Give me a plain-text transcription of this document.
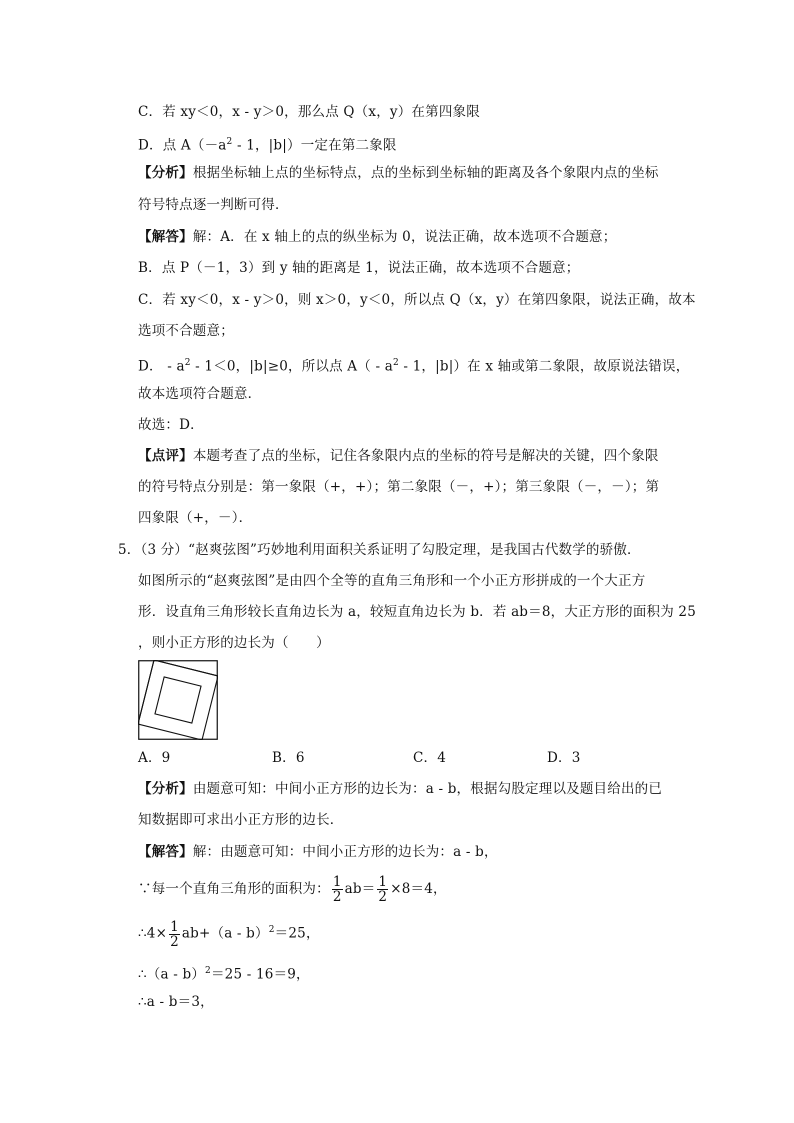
C．若 xy＜0，x - y＞0，那么点 Q（x，y）在第四象限
D．点 $A(-a^2 - 1$，|b|）一定在第二象限
【分析】根据坐标轴上点的坐标特点，点的坐标到坐标轴的距离及各个象限内点的坐标
符号特点逐一判断可得．
【解答】解：A．在 x 轴上的点的纵坐标为 0，说法正确，故本选项不合题意；
B．点 P（－1，3）到 y 轴的距离是 1，说法正确，故本选项不合题意；
C．若 xy＜0，x - y＞0，则 x＞0，y＜0，所以点 Q（x，y）在第四象限，说法正确，故本
选项不合题意；
D． - $a^2 - 1<0$，|b|≥0，所以点 $A( - a^2 - 1$，|b|）在 x 轴或第二象限，故原说法错误，
故本选项符合题意．
故选：D．
【点评】本题考查了点的坐标，记住各象限内点的坐标的符号是解决的关键，四个象限
的符号特点分别是：第一象限（+，+）；第二象限（－，+）；第三象限（－，－）；第
四象限（+，－）．
5．（3 分）“赵爽弦图”巧妙地利用面积关系证明了勾股定理，是我国古代数学的骄傲．
如图所示的“赵爽弦图”是由四个全等的直角三角形和一个小正方形拼成的一个大正方
形．设直角三角形较长直角边长为 a，较短直角边长为 b．若 ab＝8，大正方形的面积为 25
，则小正方形的边长为（　　）
A．9	B．6	C．4	D．3
【分析】由题意可知：中间小正方形的边长为：a - b，根据勾股定理以及题目给出的已
知数据即可求出小正方形的边长．
【解答】解：由题意可知：中间小正方形的边长为：a - b，
∵每一个直角三角形的面积为： $\frac{1}{2} ab= \frac{1}{2} \times 8=4$，
∴4× $\frac{1}{2} ab+(a - b)^2=25$，
∴（a - b）$^2$＝25 - 16＝9，
∴a - b＝3，
